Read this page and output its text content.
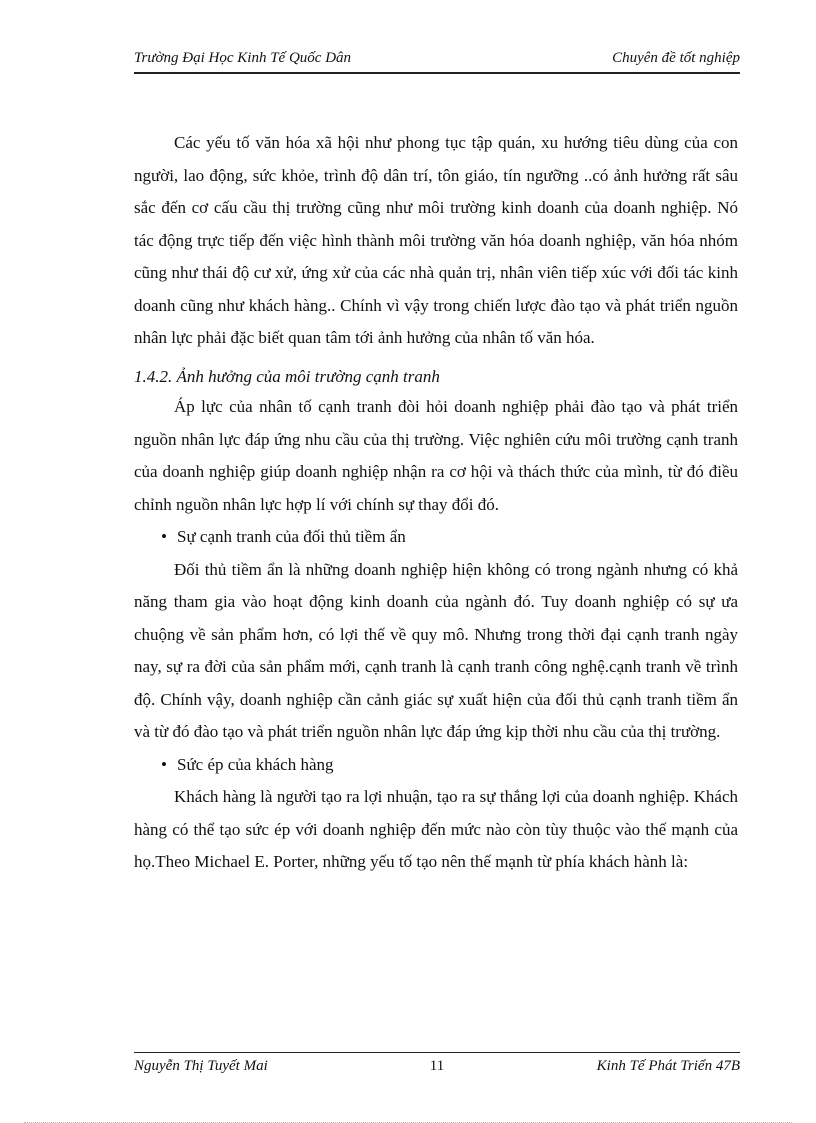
Trường Đại Học Kinh Tế Quốc Dân	Chuyên đề tốt nghiệp

Các yếu tố văn hóa xã hội như phong tục tập quán, xu hướng tiêu dùng của con người, lao động, sức khỏe, trình độ dân trí, tôn giáo, tín ngưỡng ..có ảnh hưởng rất sâu sắc đến cơ cấu cầu thị trường cũng như môi trường kinh doanh của doanh nghiệp. Nó tác động trực tiếp đến việc hình thành môi trường văn hóa doanh nghiệp, văn hóa nhóm cũng như thái độ cư xử, ứng xử của các nhà quản trị, nhân viên tiếp xúc với đối tác kinh doanh cũng như khách hàng.. Chính vì vậy trong chiến lược đào tạo và phát triển nguồn nhân lực phải đặc biết quan tâm tới ảnh hưởng của nhân tố văn hóa.

1.4.2. Ảnh hưởng của môi trường cạnh tranh

Áp lực của nhân tố cạnh tranh đòi hỏi doanh nghiệp phải đào tạo và phát triển nguồn nhân lực đáp ứng nhu cầu của thị trường. Việc nghiên cứu môi trường cạnh tranh của doanh nghiệp giúp doanh nghiệp nhận ra cơ hội và thách thức của mình, từ đó điều chỉnh nguồn nhân lực hợp lí với chính sự thay đổi đó.

• Sự cạnh tranh của đối thủ tiềm ẩn

Đối thủ tiềm ẩn là những doanh nghiệp hiện không có trong ngành nhưng có khả năng tham gia vào hoạt động kinh doanh của ngành đó. Tuy doanh nghiệp có sự ưa chuộng về sản phẩm hơn, có lợi thế về quy mô. Nhưng trong thời đại cạnh tranh ngày nay, sự ra đời của sản phẩm mới, cạnh tranh là cạnh tranh công nghệ.cạnh tranh về trình độ. Chính vậy, doanh nghiệp cần cảnh giác sự xuất hiện của đối thủ cạnh tranh tiềm ẩn và từ đó đào tạo và phát triển nguồn nhân lực đáp ứng kịp thời nhu cầu của thị trường.

• Sức ép của khách hàng

Khách hàng là người tạo ra lợi nhuận, tạo ra sự thắng lợi của doanh nghiệp. Khách hàng có thể tạo sức ép với doanh nghiệp đến mức nào còn tùy thuộc vào thế mạnh của họ.Theo Michael E. Porter, những yếu tố tạo nên thế mạnh từ phía khách hành là:

Nguyễn Thị Tuyết Mai	11	Kinh Tế Phát Triển 47B
